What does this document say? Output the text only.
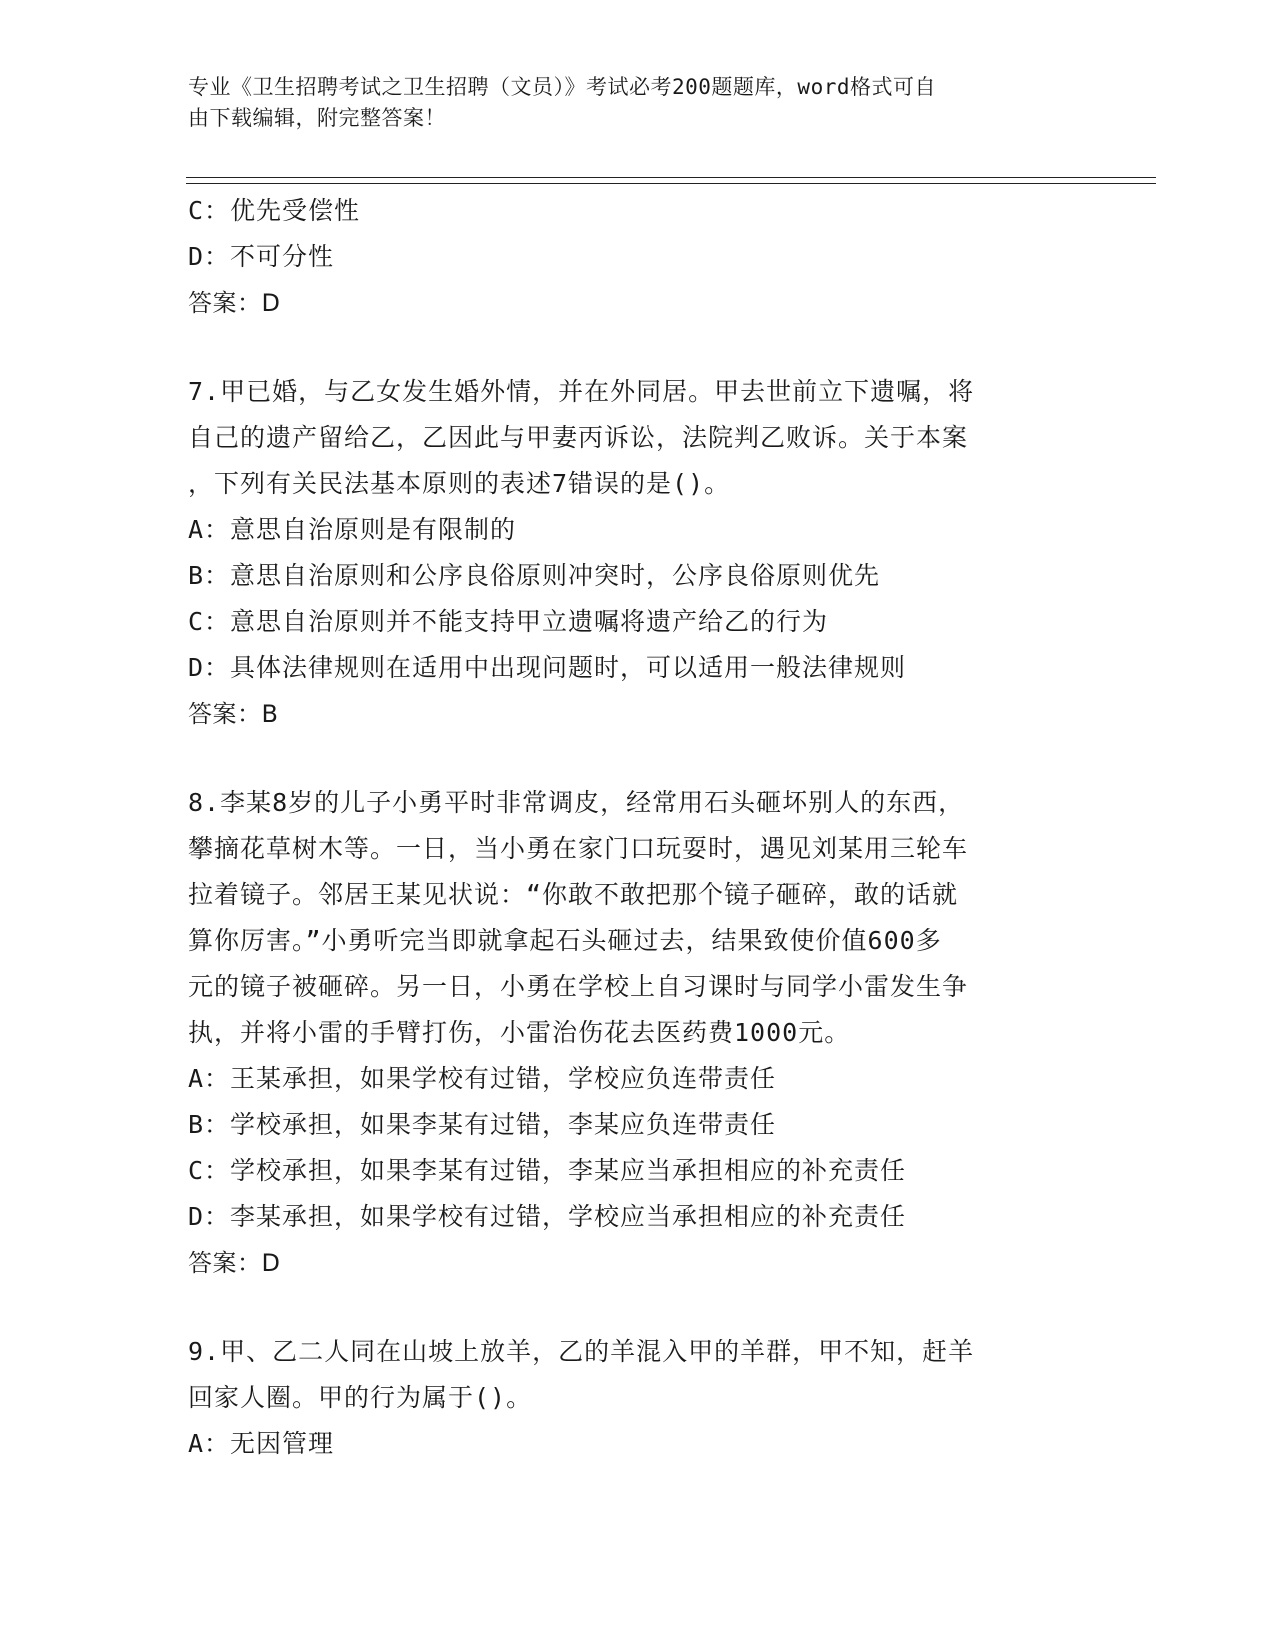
专业《卫生招聘考试之卫生招聘（文员）》考试必考200题题库，word格式可自
由下载编辑，附完整答案！
C：优先受偿性
D：不可分性
答案：D
7.甲已婚，与乙女发生婚外情，并在外同居。甲去世前立下遗嘱，将
自己的遗产留给乙，乙因此与甲妻丙诉讼，法院判乙败诉。关于本案
，下列有关民法基本原则的表述7错误的是()。
A：意思自治原则是有限制的
B：意思自治原则和公序良俗原则冲突时，公序良俗原则优先
C：意思自治原则并不能支持甲立遗嘱将遗产给乙的行为
D：具体法律规则在适用中出现问题时，可以适用一般法律规则
答案：B
8.李某8岁的儿子小勇平时非常调皮，经常用石头砸坏别人的东西，
攀摘花草树木等。一日，当小勇在家门口玩耍时，遇见刘某用三轮车
拉着镜子。邻居王某见状说：“你敢不敢把那个镜子砸碎，敢的话就
算你厉害。”小勇听完当即就拿起石头砸过去，结果致使价值600多
元的镜子被砸碎。另一日，小勇在学校上自习课时与同学小雷发生争
执，并将小雷的手臂打伤，小雷治伤花去医药费1000元。
A：王某承担，如果学校有过错，学校应负连带责任
B：学校承担，如果李某有过错，李某应负连带责任
C：学校承担，如果李某有过错，李某应当承担相应的补充责任
D：李某承担，如果学校有过错，学校应当承担相应的补充责任
答案：D
9.甲、乙二人同在山坡上放羊，乙的羊混入甲的羊群，甲不知，赶羊
回家人圈。甲的行为属于()。
A：无因管理
